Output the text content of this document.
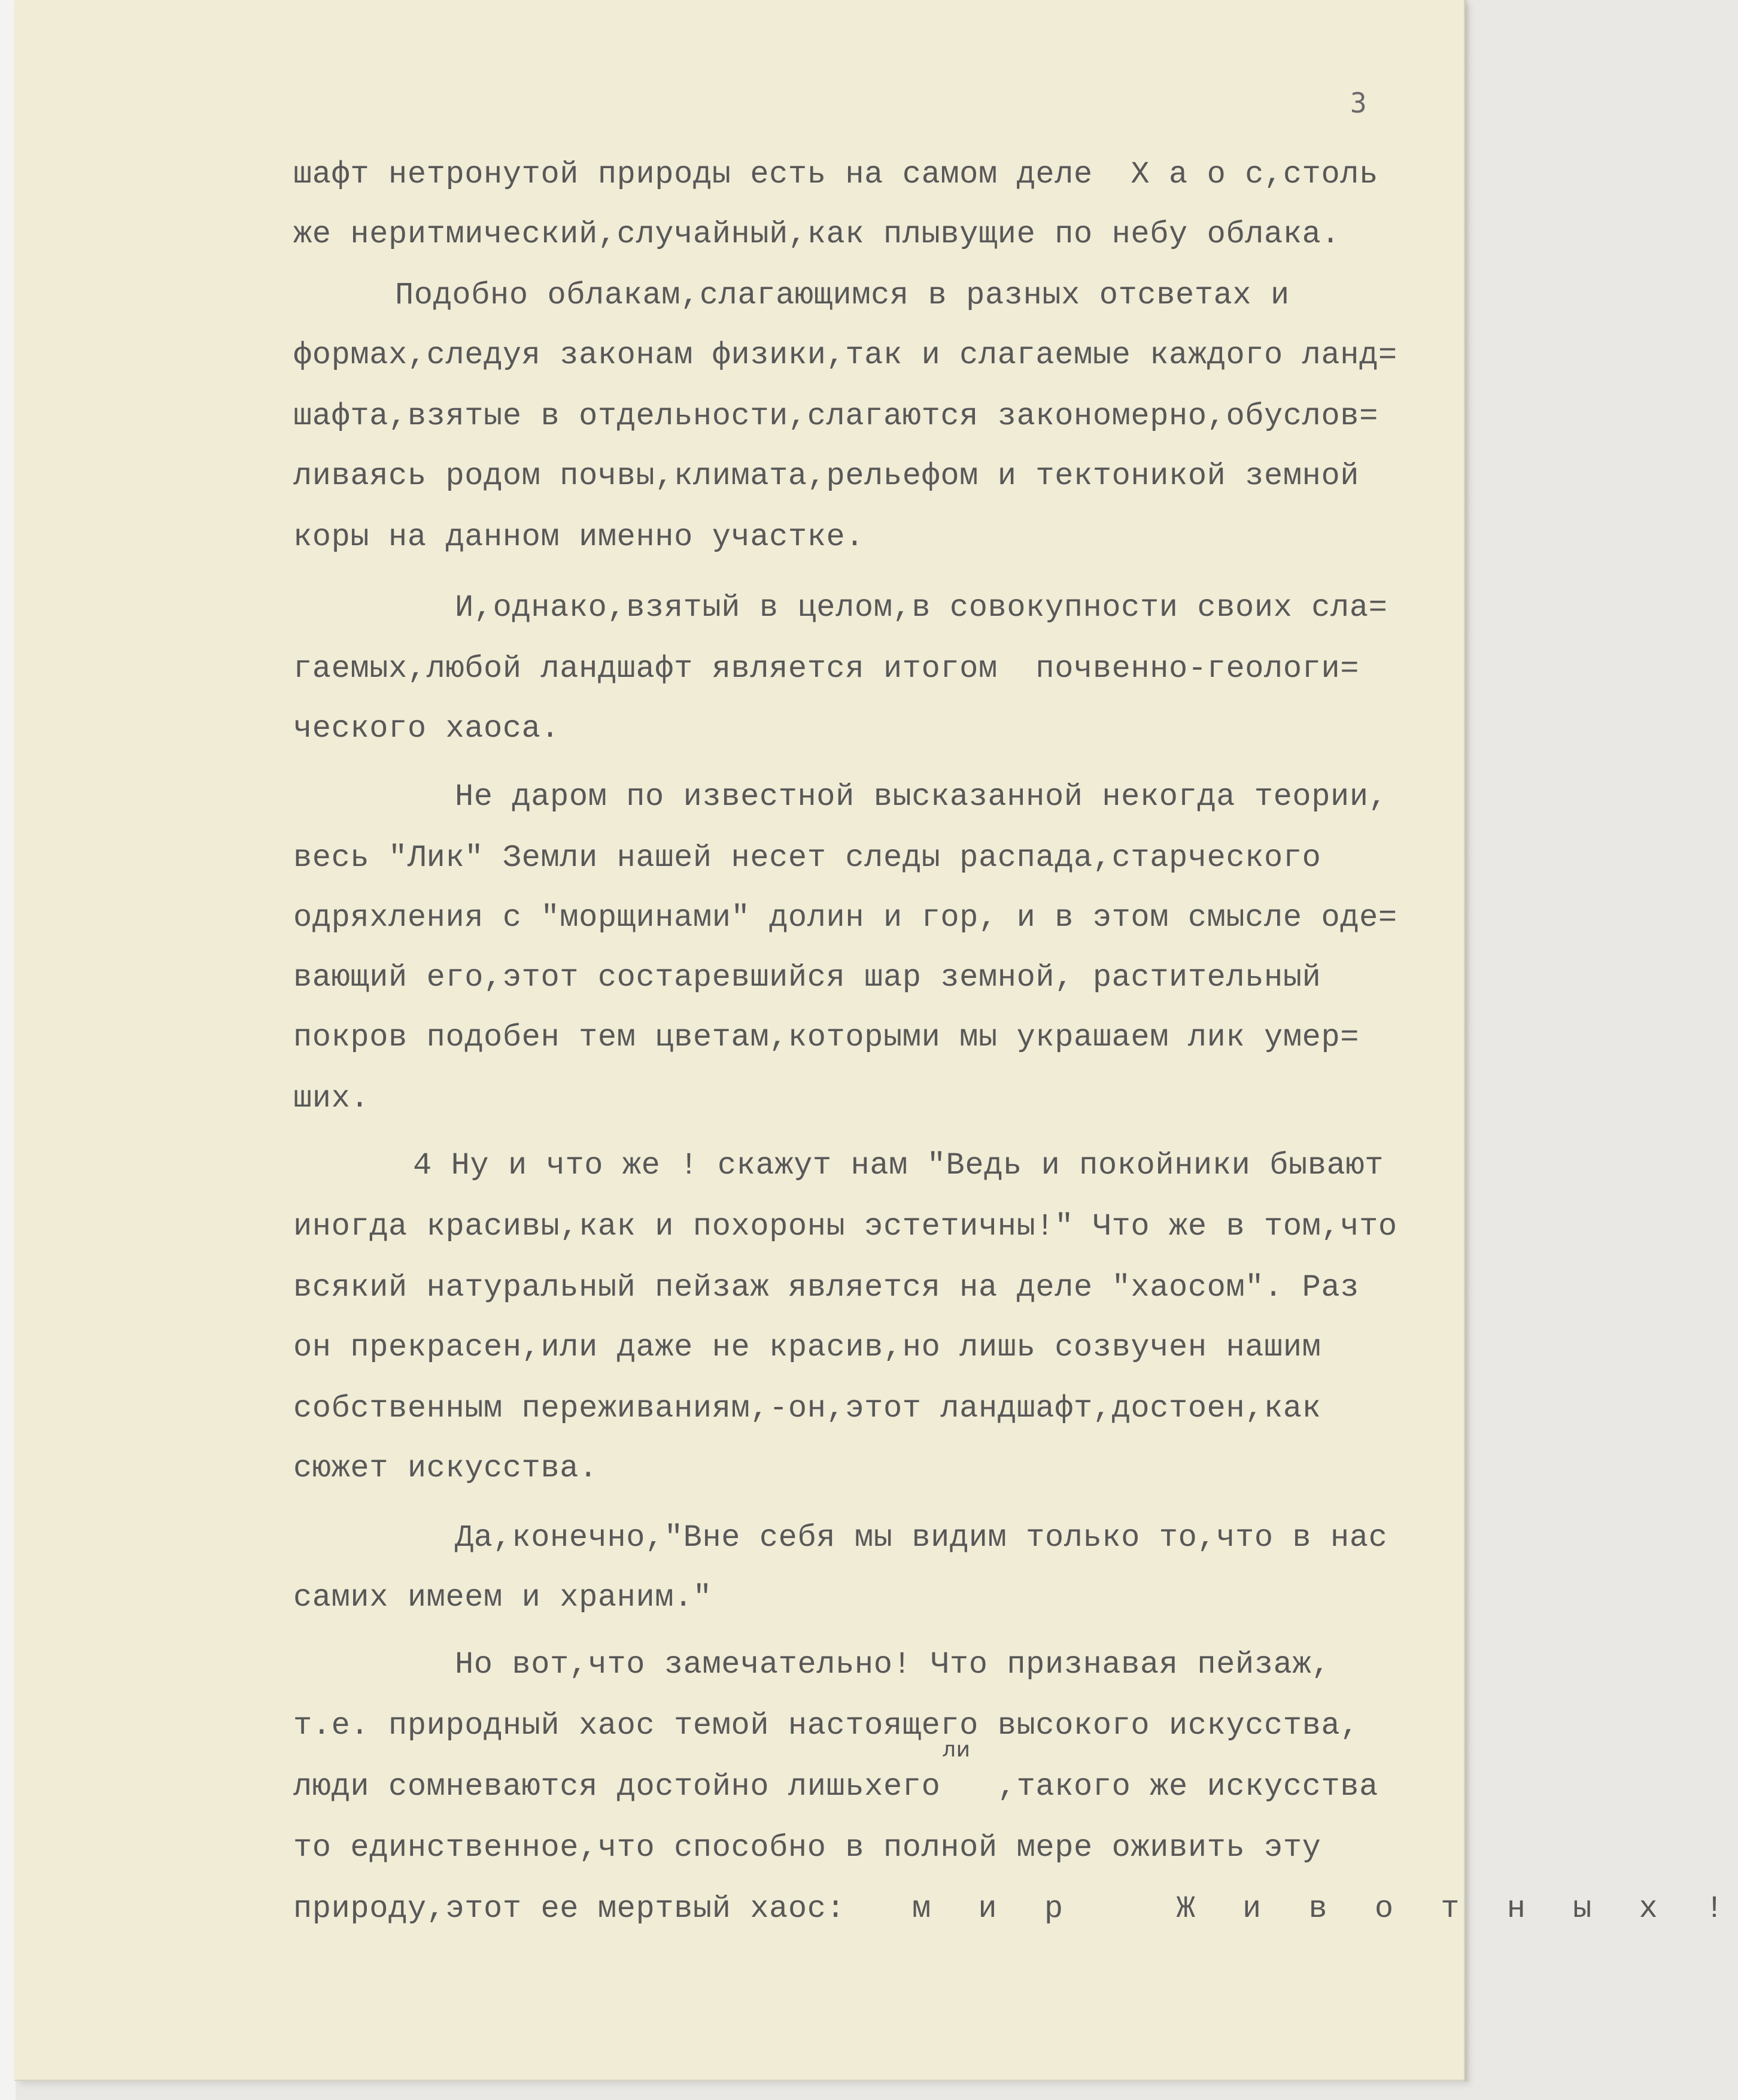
3

шафт нетронутой природы есть на самом деле  Х а о с,столь

же неритмический,случайный,как плывущие по небу облака.

Подобно облакам,слагающимся в разных отсветах и

формах,следуя законам физики,так и слагаемые каждого ланд=

шафта,взятые в отдельности,слагаются закономерно,обуслов=

ливаясь родом почвы,климата,рельефом и тектоникой земной

коры на данном именно участке.

И,однако,взятый в целом,в совокупности своих сла=

гаемых,любой ландшафт является итогом  почвенно-геологи=

ческого хаоса.

Не даром по известной высказанной некогда теории,

весь "Лик" Земли нашей несет следы распада,старческого

одряхления с "морщинами" долин и гор, и в этом смысле оде=

вающий его,этот состаревшийся шар земной, растительный

покров подобен тем цветам,которыми мы украшаем лик умер=

ших.

4 Ну и что же ! скажут нам "Ведь и покойники бывают

иногда красивы,как и похороны эстетичны!" Что же в том,что

всякий натуральный пейзаж является на деле "хаосом". Раз

он прекрасен,или даже не красив,но лишь созвучен нашим

собственным переживаниям,-он,этот ландшафт,достоен,как

сюжет искусства.

Да,конечно,"Вне себя мы видим только то,что в нас

самих имеем и храним."

Но вот,что замечательно! Что признавая пейзаж,

т.е. природный хаос темой настоящего высокого искусства,

ли

люди сомневаются достойно лишьхего   ,такого же искусства

то единственное,что способно в полной мере оживить эту

природу,этот ее мертвый хаос: м и р   Ж и в о т н ы х !
